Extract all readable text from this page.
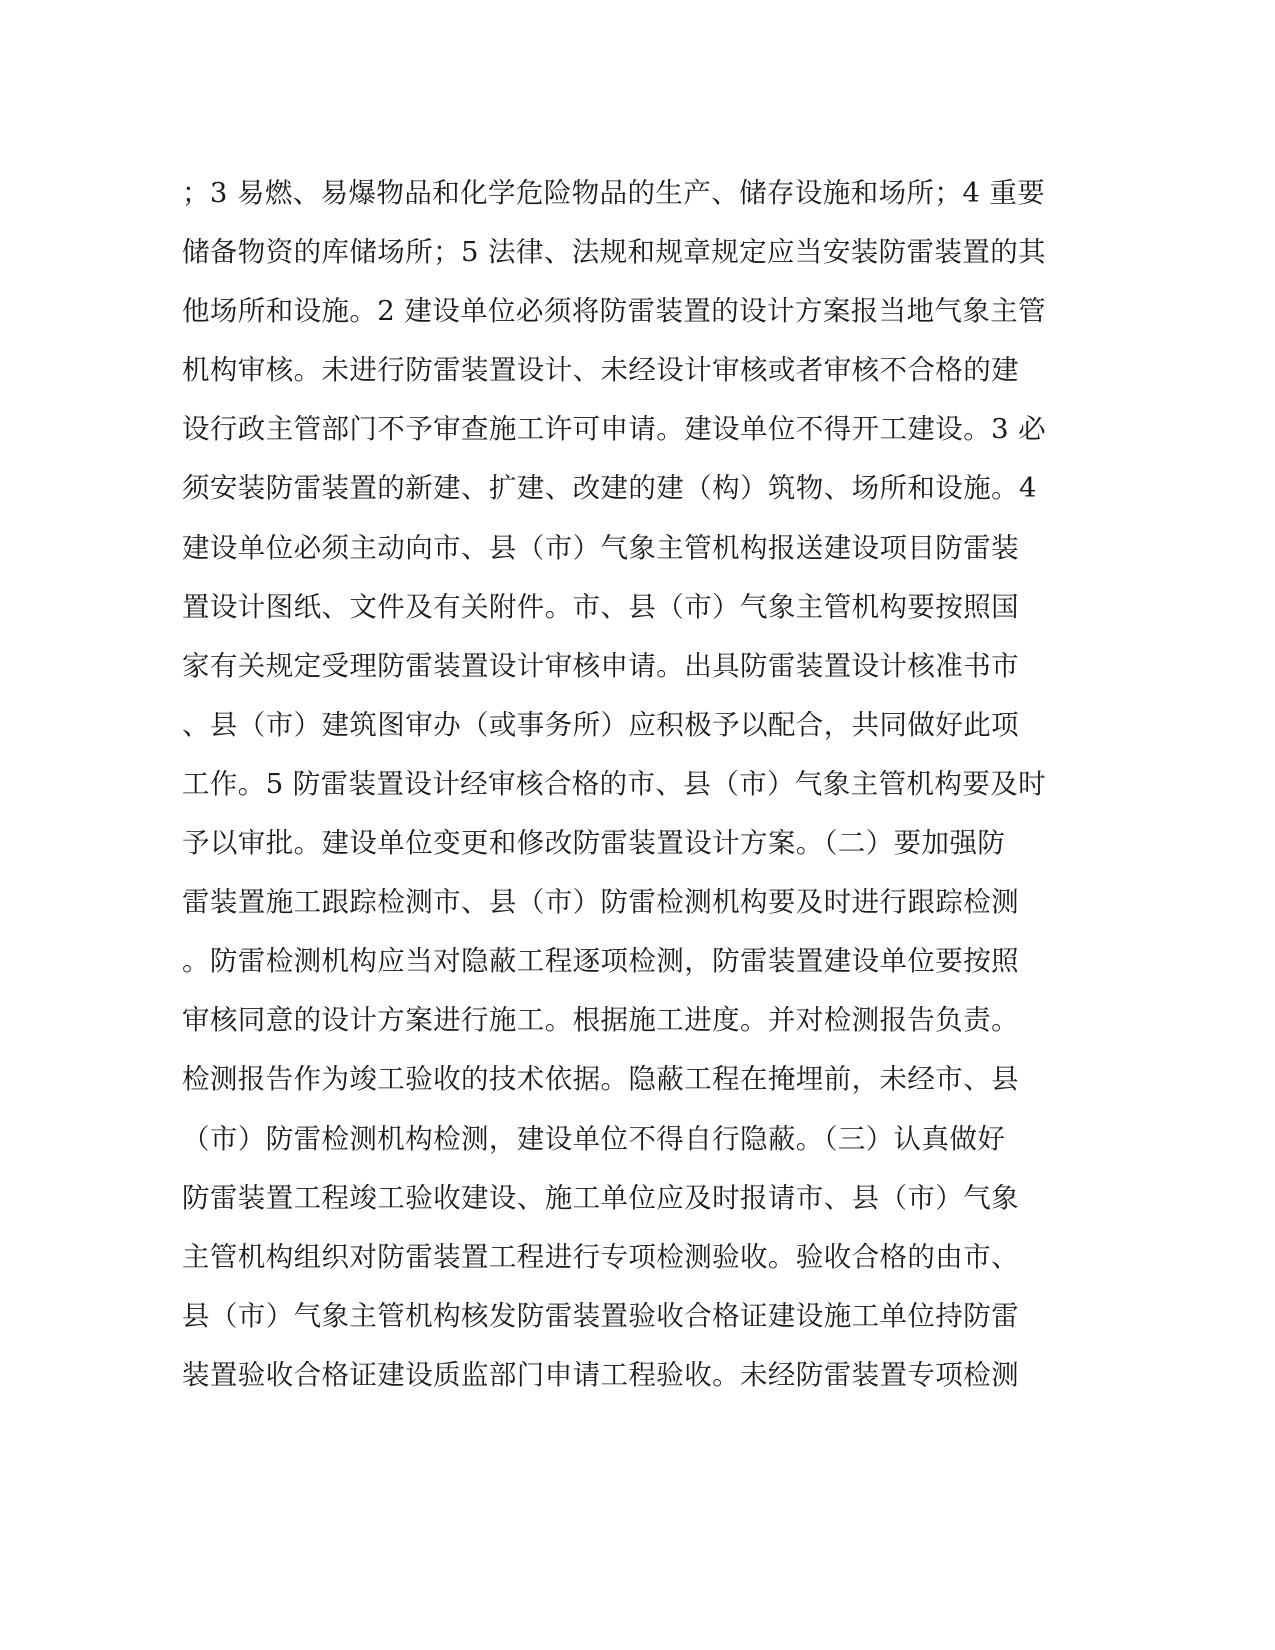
；3 易燃、易爆物品和化学危险物品的生产、储存设施和场所；4 重要
储备物资的库储场所；5 法律、法规和规章规定应当安装防雷装置的其
他场所和设施。2 建设单位必须将防雷装置的设计方案报当地气象主管
机构审核。未进行防雷装置设计、未经设计审核或者审核不合格的建
设行政主管部门不予审查施工许可申请。建设单位不得开工建设。3 必
须安装防雷装置的新建、扩建、改建的建（构）筑物、场所和设施。4
建设单位必须主动向市、县（市）气象主管机构报送建设项目防雷装
置设计图纸、文件及有关附件。市、县（市）气象主管机构要按照国
家有关规定受理防雷装置设计审核申请。出具防雷装置设计核准书市
、县（市）建筑图审办（或事务所）应积极予以配合，共同做好此项
工作。5 防雷装置设计经审核合格的市、县（市）气象主管机构要及时
予以审批。建设单位变更和修改防雷装置设计方案。（二）要加强防
雷装置施工跟踪检测市、县（市）防雷检测机构要及时进行跟踪检测
。防雷检测机构应当对隐蔽工程逐项检测，防雷装置建设单位要按照
审核同意的设计方案进行施工。根据施工进度。并对检测报告负责。
检测报告作为竣工验收的技术依据。隐蔽工程在掩埋前，未经市、县
（市）防雷检测机构检测，建设单位不得自行隐蔽。（三）认真做好
防雷装置工程竣工验收建设、施工单位应及时报请市、县（市）气象
主管机构组织对防雷装置工程进行专项检测验收。验收合格的由市、
县（市）气象主管机构核发防雷装置验收合格证建设施工单位持防雷
装置验收合格证建设质监部门申请工程验收。未经防雷装置专项检测
